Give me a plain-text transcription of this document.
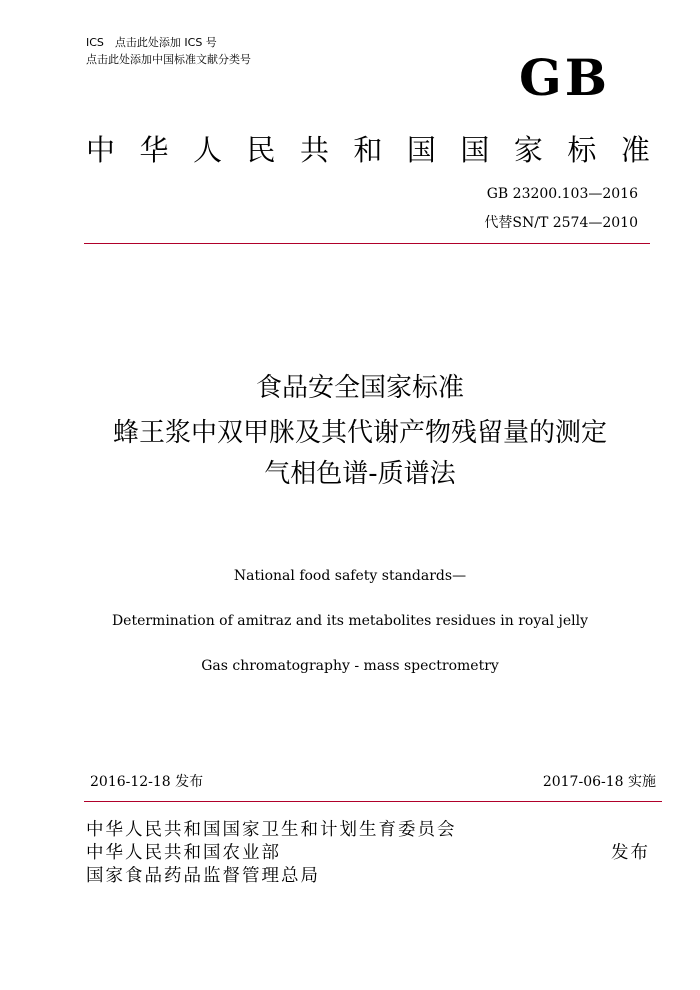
ICS　点击此处添加 ICS 号
点击此处添加中国标准文献分类号	GB
中 华 人 民 共 和 国 国 家 标 准
GB 23200.103—2016
代替SN/T 2574—2010
食品安全国家标准
蜂王浆中双甲脒及其代谢产物残留量的测定
气相色谱-质谱法
National food safety standards—
Determination of amitraz and its metabolites residues in royal jelly
Gas chromatography - mass spectrometry
2016-12-18 发布	2017-06-18 实施
中华人民共和国国家卫生和计划生育委员会
中华人民共和国农业部	发布
国家食品药品监督管理总局
